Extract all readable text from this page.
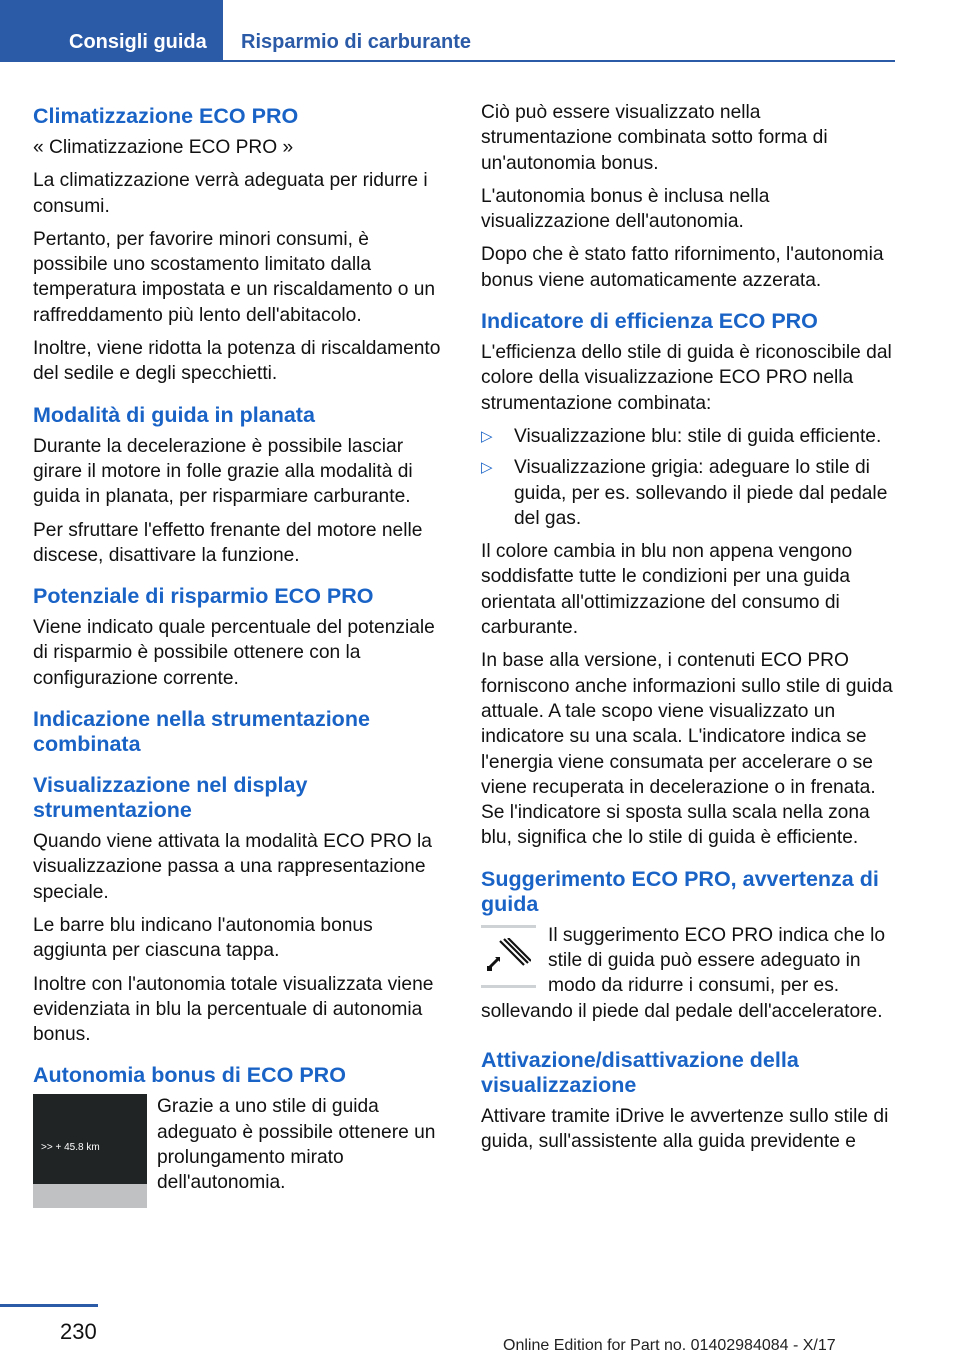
Consigli guida Risparmio di carburante
Climatizzazione ECO PRO

« Climatizzazione ECO PRO »

La climatizzazione verrà adeguata per ridurre i consumi.

Pertanto, per favorire minori consumi, è possibile uno scostamento limitato dalla temperatura impostata e un riscaldamento o un raffreddamento più lento dell'abitacolo.

Inoltre, viene ridotta la potenza di riscaldamento del sedile e degli specchietti.

Modalità di guida in planata

Durante la decelerazione è possibile lasciar girare il motore in folle grazie alla modalità di guida in planata, per risparmiare carburante.

Per sfruttare l'effetto frenante del motore nelle discese, disattivare la funzione.

Potenziale di risparmio ECO PRO

Viene indicato quale percentuale del potenziale di risparmio è possibile ottenere con la configurazione corrente.

Indicazione nella strumentazione combinata
Visualizzazione nel display strumentazione

Quando viene attivata la modalità ECO PRO la visualizzazione passa a una rappresentazione speciale.

Le barre blu indicano l'autonomia bonus aggiunta per ciascuna tappa.

Inoltre con l'autonomia totale visualizzata viene evidenziata in blu la percentuale di autonomia bonus.

Autonomia bonus di ECO PRO
>> + 45.8 km

Grazie a uno stile di guida adeguato è possibile ottenere un prolungamento mirato dell'autonomia.

Ciò può essere visualizzato nella strumentazione combinata sotto forma di un'autonomia bonus.

L'autonomia bonus è inclusa nella visualizzazione dell'autonomia.

Dopo che è stato fatto rifornimento, l'autonomia bonus viene automaticamente azzerata.

Indicatore di efficienza ECO PRO

L'efficienza dello stile di guida è riconoscibile dal colore della visualizzazione ECO PRO nella strumentazione combinata:

▷ Visualizzazione blu: stile di guida efficiente.
▷ Visualizzazione grigia: adeguare lo stile di guida, per es. sollevando il piede dal pedale del gas.

Il colore cambia in blu non appena vengono soddisfatte tutte le condizioni per una guida orientata all'ottimizzazione del consumo di carburante.

In base alla versione, i contenuti ECO PRO forniscono anche informazioni sullo stile di guida attuale. A tale scopo viene visualizzato un indicatore su una scala. L'indicatore indica se l'energia viene consumata per accelerare o se viene recuperata in decelerazione o in frenata. Se l'indicatore si sposta sulla scala nella zona blu, significa che lo stile di guida è efficiente.

Suggerimento ECO PRO, avvertenza di guida

Il suggerimento ECO PRO indica che lo stile di guida può essere adeguato in modo da ridurre i consumi, per es. sollevando il piede dal pedale dell'acceleratore.

Attivazione/disattivazione della visualizzazione

Attivare tramite iDrive le avvertenze sullo stile di guida, sull'assistente alla guida previdente e

230
Online Edition for Part no. 01402984084 - X/17
